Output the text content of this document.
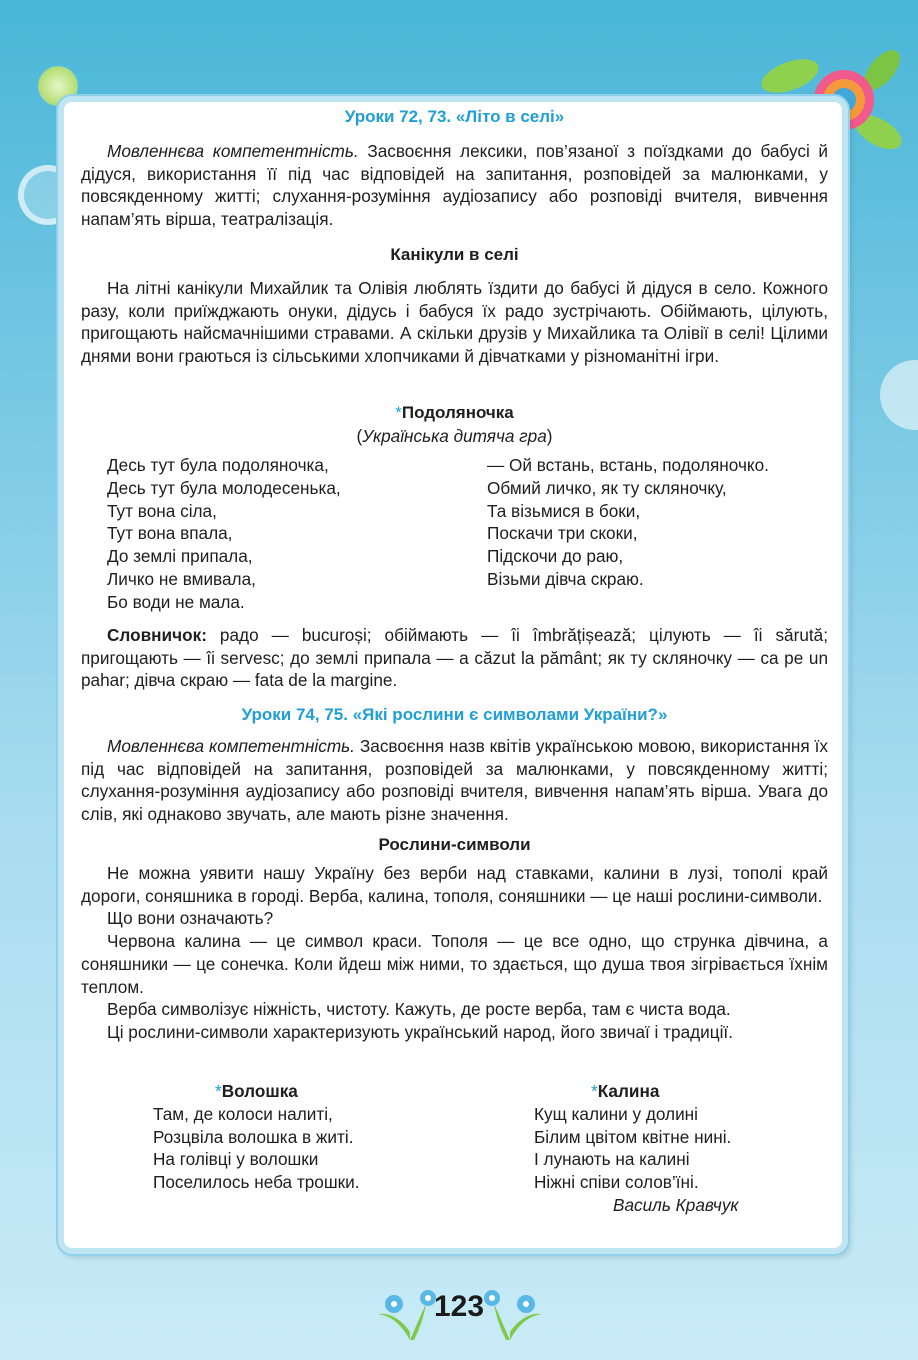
Уроки 72, 73. «Літо в селі»

Мовленнєва компетентність. Засвоєння лексики, пов’язаної з поїздками до бабусі й дідуся, використання її під час відповідей на запитання, розповідей за малюнками, у повсякденному житті; слухання-розуміння аудіозапису або розповіді вчителя, вивчення напам’ять вірша, театралізація.

Канікули в селі

На літні канікули Михайлик та Олівія люблять їздити до бабусі й дідуся в село. Кожного разу, коли приїжджають онуки, дідусь і бабуся їх радо зустрічають. Обіймають, цілують, пригощають найсмачнішими стравами. А скільки друзів у Михайлика та Олівії в селі! Цілими днями вони граються із сільськими хлопчиками й дівчатками у різноманітні ігри.

*Подоляночка
(Українська дитяча гра)
Десь тут була подоляночка,
Десь тут була молодесенька,
Тут вона сіла,
Тут вона впала,
До землі припала,
Личко не вмивала,
Бо води не мала.
— Ой встань, встань, подоляночко.
Обмий личко, як ту скляночку,
Та візьмися в боки,
Поскачи три скоки,
Підскочи до раю,
Візьми дівча скраю.

Словничок: радо — bucuroși; обіймають — îi îmbrățișează; цілують — îi sărută; пригощають — îi servesc; до землі припала — a căzut la pământ; як ту скляночку — ca pe un pahar; дівча скраю — fata de la margine.

Уроки 74, 75. «Які рослини є символами України?»

Мовленнєва компетентність. Засвоєння назв квітів українською мовою, використання їх під час відповідей на запитання, розповідей за малюнками, у повсякденному житті; слухання-розуміння аудіозапису або розповіді вчителя, вивчення напам’ять вірша. Увага до слів, які однаково звучать, але мають різне значення.

Рослини-символи

Не можна уявити нашу Україну без верби над ставками, калини в лузі, тополі край дороги, соняшника в городі. Верба, калина, тополя, соняшники — це наші рослини-символи.

Що вони означають?

Червона калина — це символ краси. Тополя — це все одно, що струнка дівчина, а соняшники — це сонечка. Коли йдеш між ними, то здається, що душа твоя зігрівається їхнім теплом.

Верба символізує ніжність, чистоту. Кажуть, де росте верба, там є чиста вода.

Ці рослини-символи характеризують український народ, його звичаї і традиції.

*Волошка
Там, де колоси налиті,
Розцвіла волошка в житі.
На голівці у волошки
Поселилось неба трошки.
*Калина
Кущ калини у долині
Білим цвітом квітне нині.
І лунають на калині
Ніжні співи солов’їні.
Василь Кравчук
123
